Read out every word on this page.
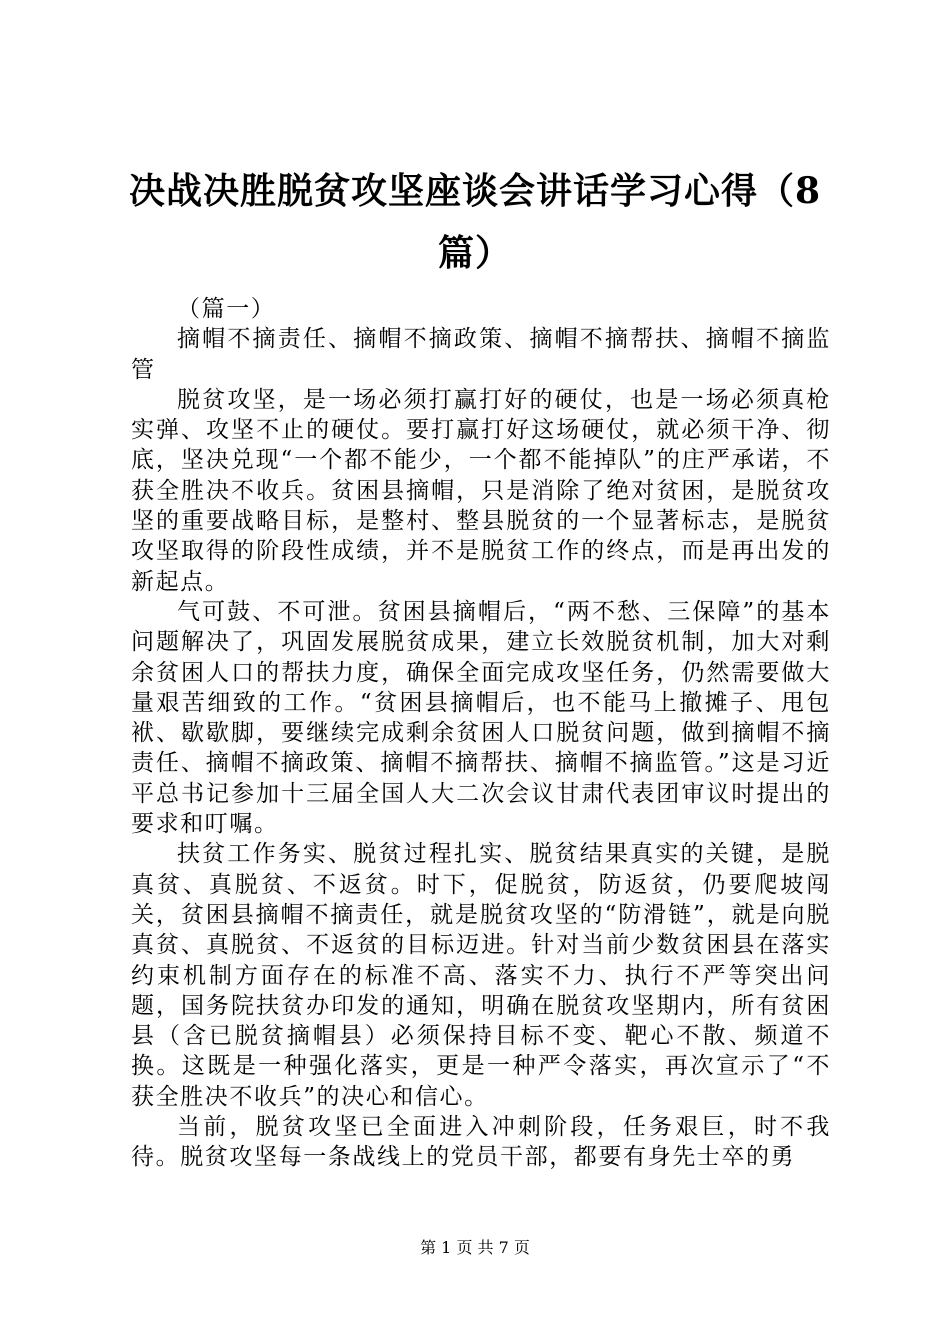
决战决胜脱贫攻坚座谈会讲话学习心得（8篇）

（篇一）

摘帽不摘责任、摘帽不摘政策、摘帽不摘帮扶、摘帽不摘监管

脱贫攻坚，是一场必须打赢打好的硬仗，也是一场必须真枪实弹、攻坚不止的硬仗。要打赢打好这场硬仗，就必须干净、彻底，坚决兑现“一个都不能少，一个都不能掉队”的庄严承诺，不获全胜决不收兵。贫困县摘帽，只是消除了绝对贫困，是脱贫攻坚的重要战略目标，是整村、整县脱贫的一个显著标志，是脱贫攻坚取得的阶段性成绩，并不是脱贫工作的终点，而是再出发的新起点。

气可鼓、不可泄。贫困县摘帽后，“两不愁、三保障”的基本问题解决了，巩固发展脱贫成果，建立长效脱贫机制，加大对剩余贫困人口的帮扶力度，确保全面完成攻坚任务，仍然需要做大量艰苦细致的工作。“贫困县摘帽后，也不能马上撤摊子、甩包袱、歇歇脚，要继续完成剩余贫困人口脱贫问题，做到摘帽不摘责任、摘帽不摘政策、摘帽不摘帮扶、摘帽不摘监管。”这是习近平总书记参加十三届全国人大二次会议甘肃代表团审议时提出的要求和叮嘱。

扶贫工作务实、脱贫过程扎实、脱贫结果真实的关键，是脱真贫、真脱贫、不返贫。时下，促脱贫，防返贫，仍要爬坡闯关，贫困县摘帽不摘责任，就是脱贫攻坚的“防滑链”，就是向脱真贫、真脱贫、不返贫的目标迈进。针对当前少数贫困县在落实约束机制方面存在的标准不高、落实不力、执行不严等突出问题，国务院扶贫办印发的通知，明确在脱贫攻坚期内，所有贫困县（含已脱贫摘帽县）必须保持目标不变、靶心不散、频道不换。这既是一种强化落实，更是一种严令落实，再次宣示了“不获全胜决不收兵”的决心和信心。

当前，脱贫攻坚已全面进入冲刺阶段，任务艰巨，时不我待。脱贫攻坚每一条战线上的党员干部，都要有身先士卒的勇

第 1 页 共 7 页
